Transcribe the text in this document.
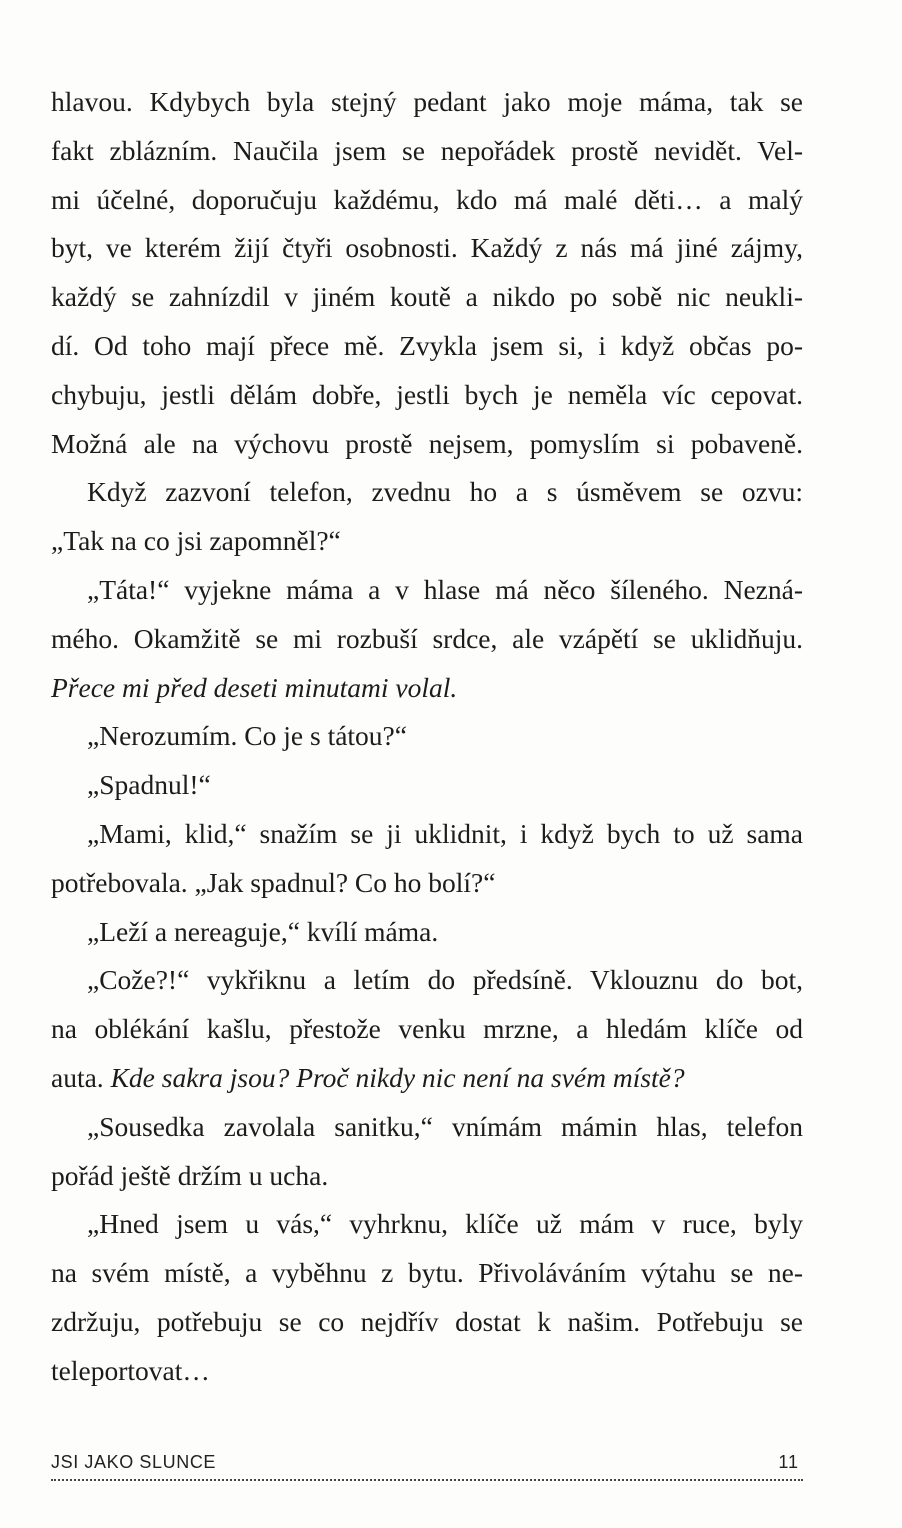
hlavou. Kdybych byla stejný pedant jako moje máma, tak se
fakt zblázním. Naučila jsem se nepořádek prostě nevidět. Vel-
mi účelné, doporučuju každému, kdo má malé děti… a malý
byt, ve kterém žijí čtyři osobnosti. Každý z nás má jiné zájmy,
každý se zahnízdil v jiném koutě a nikdo po sobě nic neukli-
dí. Od toho mají přece mě. Zvykla jsem si, i když občas po-
chybuju, jestli dělám dobře, jestli bych je neměla víc cepovat.
Možná ale na výchovu prostě nejsem, pomyslím si pobaveně.
Když zazvoní telefon, zvednu ho a s úsměvem se ozvu:
„Tak na co jsi zapomněl?“
„Táta!“ vyjekne máma a v hlase má něco šíleného. Nezná-
mého. Okamžitě se mi rozbuší srdce, ale vzápětí se uklidňuju.
Přece mi před deseti minutami volal.
„Nerozumím. Co je s tátou?“
„Spadnul!“
„Mami, klid,“ snažím se ji uklidnit, i když bych to už sama
potřebovala. „Jak spadnul? Co ho bolí?“
„Leží a nereaguje,“ kvílí máma.
„Cože?!“ vykřiknu a letím do předsíně. Vklouznu do bot,
na oblékání kašlu, přestože venku mrzne, a hledám klíče od
auta. Kde sakra jsou? Proč nikdy nic není na svém místě?
„Sousedka zavolala sanitku,“ vnímám mámin hlas, telefon
pořád ještě držím u ucha.
„Hned jsem u vás,“ vyhrknu, klíče už mám v ruce, byly
na svém místě, a vyběhnu z bytu. Přivoláváním výtahu se ne-
zdržuju, potřebuju se co nejdřív dostat k našim. Potřebuju se
teleportovat…
JSI JAKO SLUNCE	11
